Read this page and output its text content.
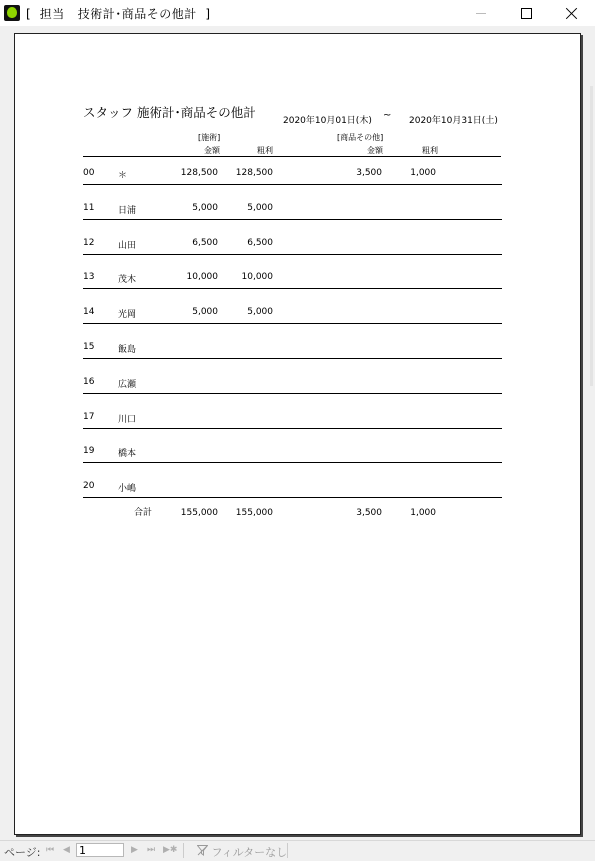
[  担当   技術計･商品その他計  ]
スタッフ 施術計･商品その他計
2020年10月01日(木) ~ 2020年10月31日(土)
[施術]
金額	粗利
[商品その他]
金額	粗利
00	＊	128,500	128,500	3,500	1,000
11	日浦	5,000	5,000
12	山田	6,500	6,500
13	茂木	10,000	10,000
14	光岡	5,000	5,000
15	飯島
16	広瀬
17	川口
19	橋本
20	小嶋
合計	155,000	155,000	3,500	1,000
ページ: ⏮ ◀
1	▶ ⏭ ▶✱	フィルターなし
